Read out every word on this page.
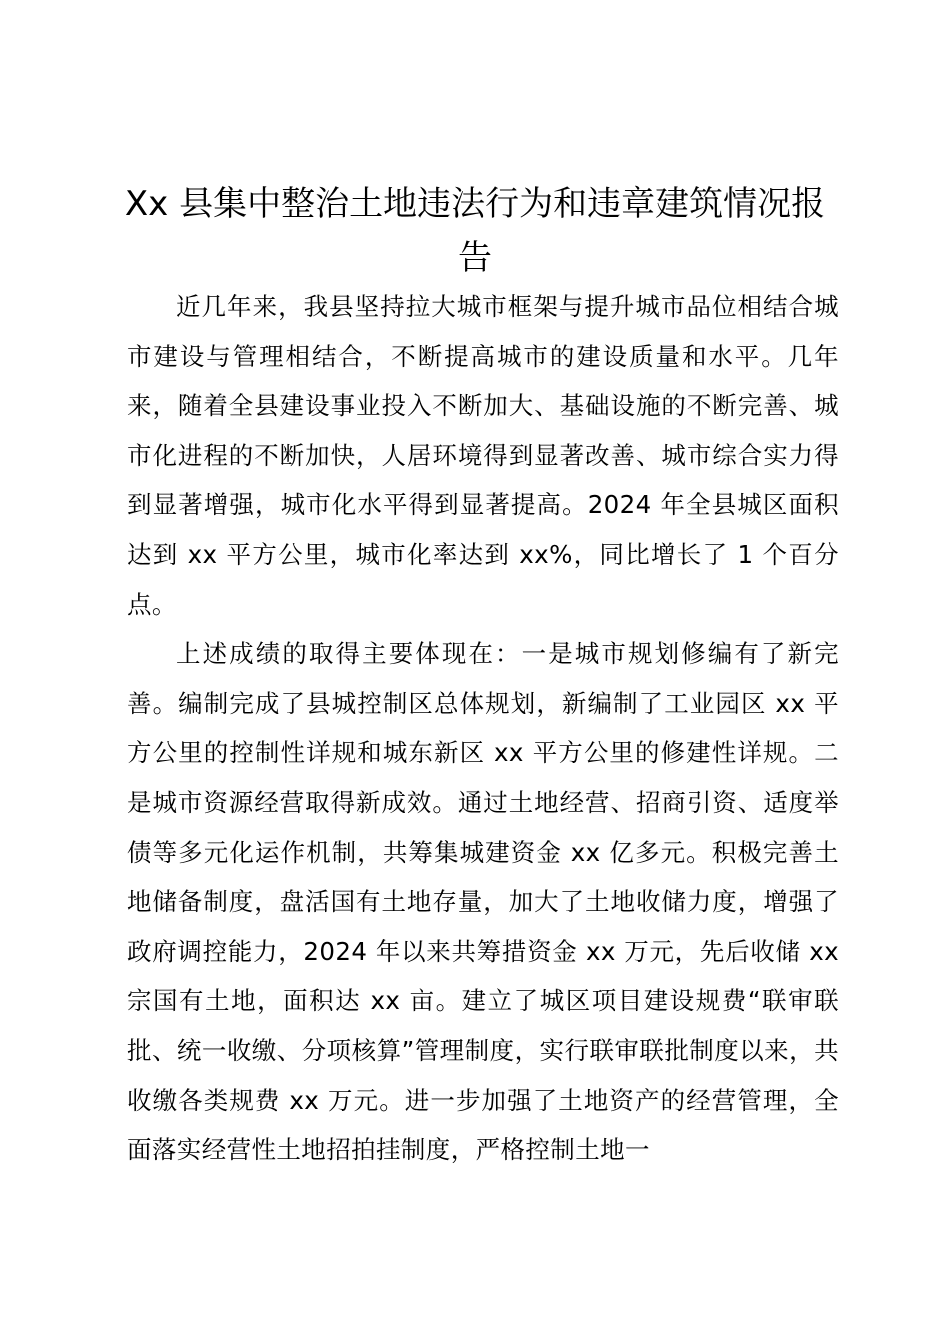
Xx 县集中整治土地违法行为和违章建筑情况报告

近几年来，我县坚持拉大城市框架与提升城市品位相结合城市建设与管理相结合，不断提高城市的建设质量和水平。几年来，随着全县建设事业投入不断加大、基础设施的不断完善、城市化进程的不断加快，人居环境得到显著改善、城市综合实力得到显著增强，城市化水平得到显著提高。2024 年全县城区面积达到 xx 平方公里，城市化率达到 xx%，同比增长了 1 个百分点。

上述成绩的取得主要体现在：一是城市规划修编有了新完善。编制完成了县城控制区总体规划，新编制了工业园区 xx 平方公里的控制性详规和城东新区 xx 平方公里的修建性详规。二是城市资源经营取得新成效。通过土地经营、招商引资、适度举债等多元化运作机制，共筹集城建资金 xx 亿多元。积极完善土地储备制度，盘活国有土地存量，加大了土地收储力度，增强了政府调控能力，2024 年以来共筹措资金 xx 万元，先后收储 xx 宗国有土地，面积达 xx 亩。建立了城区项目建设规费“联审联批、统一收缴、分项核算”管理制度，实行联审联批制度以来，共收缴各类规费 xx 万元。进一步加强了土地资产的经营管理，全面落实经营性土地招拍挂制度，严格控制土地一
